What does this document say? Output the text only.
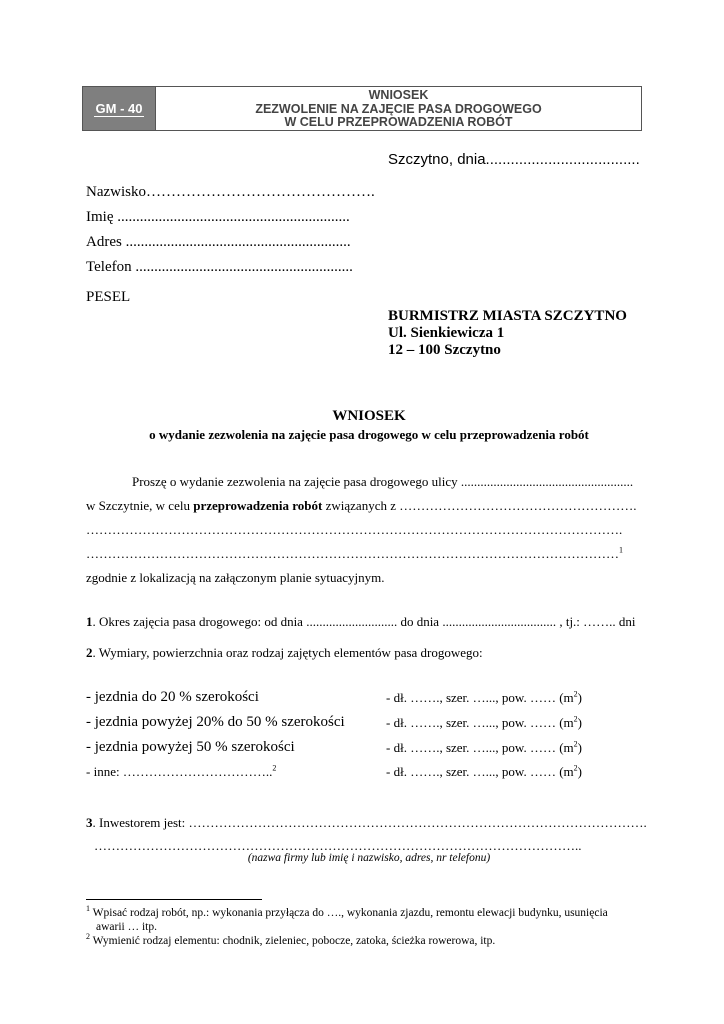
GM - 40
WNIOSEK
ZEZWOLENIE NA ZAJĘCIE PASA DROGOWEGO
W CELU PRZEPROWADZENIA ROBÓT
Szczytno, dnia.....................................
Nazwisko……………………………………….
Imię ..............................................................
Adres ............................................................
Telefon ..........................................................
PESEL
BURMISTRZ MIASTA SZCZYTNO
Ul. Sienkiewicza 1
12 – 100 Szczytno
WNIOSEK
o wydanie zezwolenia na zajęcie pasa drogowego w celu przeprowadzenia robót
Proszę o wydanie zezwolenia na zajęcie pasa drogowego ulicy .....................................................
w Szczytnie, w celu przeprowadzenia robót związanych z ……………………………………………….
…………………………………………………………………………………………………………….
……………………………………………………………………………………………………………$^1$
zgodnie z lokalizacją na załączonym planie sytuacyjnym.
1. Okres zajęcia pasa drogowego: od dnia ............................ do dnia ................................... , tj.: …….. dni
2. Wymiary, powierzchnia oraz rodzaj zajętych elementów pasa drogowego:
- jezdnia do 20 % szerokości	- dł. ……., szer. …..., pow. …… $(m^2)$
- jezdnia powyżej 20% do 50 % szerokości	- dł. ……., szer. …..., pow. …… $(m^2)$
- jezdnia powyżej 50 % szerokości	- dł. ……., szer. …..., pow. …… $(m^2)$
- inne: ……………………………..$^2$	- dł. ……., szer. …..., pow. …… $(m^2)$
3. Inwestorem jest: …………………………………………………………………………………………….
…………………………………………………………………………………………………..
(nazwa firmy lub imię i nazwisko, adres, nr telefonu)
$^1$ Wpisać rodzaj robót, np.: wykonania przyłącza do …., wykonania zjazdu, remontu elewacji budynku, usunięcia
awarii … itp.
$^2$ Wymienić rodzaj elementu: chodnik, zieleniec, pobocze, zatoka, ścieżka rowerowa, itp.
